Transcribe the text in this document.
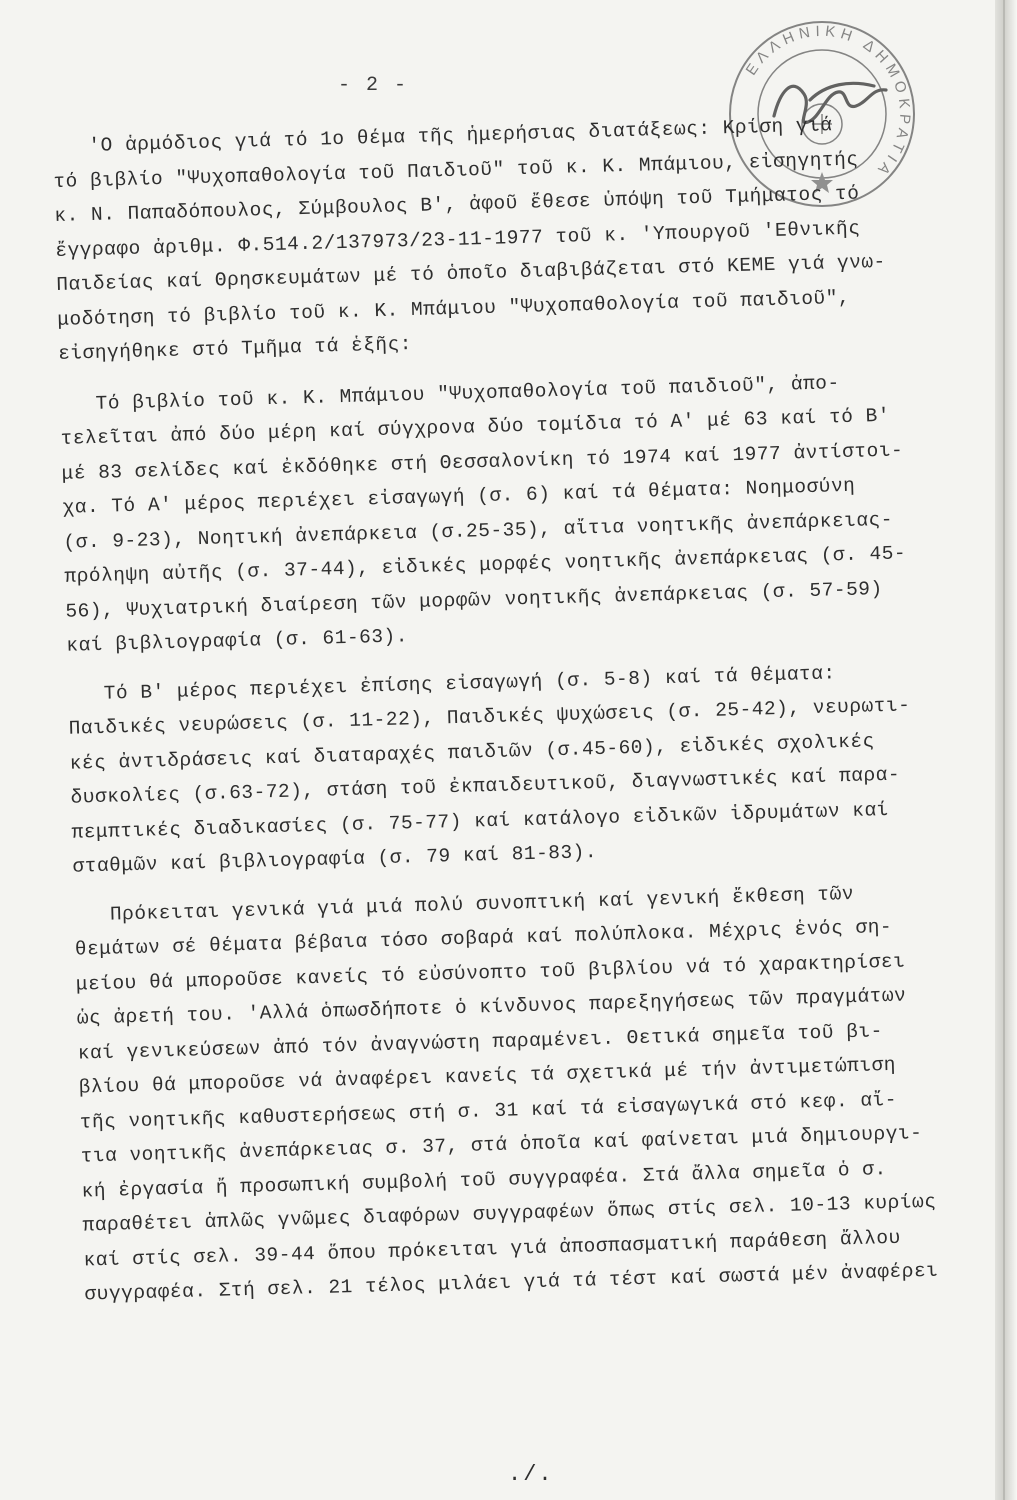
- 2 -
ΕΛΛΗΝΙΚΗ ΔΗΜΟΚΡΑΤΙΑ
'Ο ἁρμόδιος γιά τό 1ο θέμα τῆς ἡμερήσιας διατάξεως: Κρίση γιά
τό βιβλίο "Ψυχοπαθολογία τοῦ Παιδιοῦ" τοῦ κ. Κ. Μπάμιου, εἰσηγητής
κ. Ν. Παπαδόπουλος, Σύμβουλος Β', ἀφοῦ ἔθεσε ὑπόψη τοῦ Τμήματος τό
ἔγγραφο ἀριθμ. Φ.514.2/137973/23-11-1977 τοῦ κ. 'Υπουργοῦ 'Εθνικῆς
Παιδείας καί Θρησκευμάτων μέ τό ὁποῖο διαβιβάζεται στό ΚΕΜΕ γιά γνω-
μοδότηση τό βιβλίο τοῦ κ. Κ. Μπάμιου "Ψυχοπαθολογία τοῦ παιδιοῦ",
εἰσηγήθηκε στό Τμῆμα τά ἑξῆς:
Τό βιβλίο τοῦ κ. Κ. Μπάμιου "Ψυχοπαθολογία τοῦ παιδιοῦ", ἀπο-
τελεῖται ἀπό δύο μέρη καί σύγχρονα δύο τομίδια τό Α' μέ 63 καί τό Β'
μέ 83 σελίδες καί ἐκδόθηκε στή Θεσσαλονίκη τό 1974 καί 1977 ἀντίστοι-
χα. Τό Α' μέρος περιέχει εἰσαγωγή (σ. 6) καί τά θέματα: Νοημοσύνη
(σ. 9-23), Νοητική ἀνεπάρκεια (σ.25-35), αἴτια νοητικῆς ἀνεπάρκειας-
πρόληψη αὐτῆς (σ. 37-44), εἰδικές μορφές νοητικῆς ἀνεπάρκειας (σ. 45-
56), Ψυχιατρική διαίρεση τῶν μορφῶν νοητικῆς ἀνεπάρκειας (σ. 57-59)
καί βιβλιογραφία (σ. 61-63).
Τό Β' μέρος περιέχει ἐπίσης εἰσαγωγή (σ. 5-8) καί τά θέματα:
Παιδικές νευρώσεις (σ. 11-22), Παιδικές ψυχώσεις (σ. 25-42), νευρωτι-
κές ἀντιδράσεις καί διαταραχές παιδιῶν (σ.45-60), εἰδικές σχολικές
δυσκολίες (σ.63-72), στάση τοῦ ἐκπαιδευτικοῦ, διαγνωστικές καί παρα-
πεμπτικές διαδικασίες (σ. 75-77) καί κατάλογο εἰδικῶν ἱδρυμάτων καί
σταθμῶν καί βιβλιογραφία (σ. 79 καί 81-83).
Πρόκειται γενικά γιά μιά πολύ συνοπτική καί γενική ἔκθεση τῶν
θεμάτων σέ θέματα βέβαια τόσο σοβαρά καί πολύπλοκα. Μέχρις ἑνός ση-
μείου θά μποροῦσε κανείς τό εὐσύνοπτο τοῦ βιβλίου νά τό χαρακτηρίσει
ὡς ἀρετή του. 'Αλλά ὁπωσδήποτε ὁ κίνδυνος παρεξηγήσεως τῶν πραγμάτων
καί γενικεύσεων ἀπό τόν ἀναγνώστη παραμένει. Θετικά σημεῖα τοῦ βι-
βλίου θά μποροῦσε νά ἀναφέρει κανείς τά σχετικά μέ τήν ἀντιμετώπιση
τῆς νοητικῆς καθυστερήσεως στή σ. 31 καί τά εἰσαγωγικά στό κεφ. αἴ-
τια νοητικῆς ἀνεπάρκειας σ. 37, στά ὁποῖα καί φαίνεται μιά δημιουργι-
κή ἐργασία ἤ προσωπική συμβολή τοῦ συγγραφέα. Στά ἄλλα σημεῖα ὁ σ.
παραθέτει ἁπλῶς γνῶμες διαφόρων συγγραφέων ὅπως στίς σελ. 10-13 κυρίως
καί στίς σελ. 39-44 ὅπου πρόκειται γιά ἀποσπασματική παράθεση ἄλλου
συγγραφέα. Στή σελ. 21 τέλος μιλάει γιά τά τέστ καί σωστά μέν ἀναφέρει
./.
